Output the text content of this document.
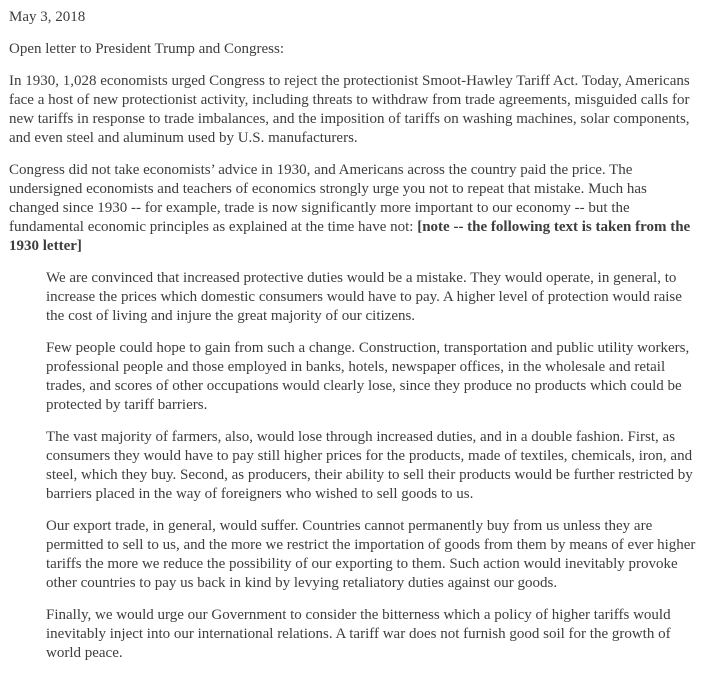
May 3, 2018

Open letter to President Trump and Congress:

In 1930, 1,028 economists urged Congress to reject the protectionist Smoot-Hawley Tariff Act. Today, Americans face a host of new protectionist activity, including threats to withdraw from trade agreements, misguided calls for new tariffs in response to trade imbalances, and the imposition of tariffs on washing machines, solar components, and even steel and aluminum used by U.S. manufacturers.

Congress did not take economists’ advice in 1930, and Americans across the country paid the price. The undersigned economists and teachers of economics strongly urge you not to repeat that mistake. Much has changed since 1930 -- for example, trade is now significantly more important to our economy -- but the fundamental economic principles as explained at the time have not: [note -- the following text is taken from the 1930 letter]

We are convinced that increased protective duties would be a mistake. They would operate, in general, to increase the prices which domestic consumers would have to pay. A higher level of protection would raise the cost of living and injure the great majority of our citizens.

Few people could hope to gain from such a change. Construction, transportation and public utility workers, professional people and those employed in banks, hotels, newspaper offices, in the wholesale and retail trades, and scores of other occupations would clearly lose, since they produce no products which could be protected by tariff barriers.

The vast majority of farmers, also, would lose through increased duties, and in a double fashion. First, as consumers they would have to pay still higher prices for the products, made of textiles, chemicals, iron, and steel, which they buy. Second, as producers, their ability to sell their products would be further restricted by barriers placed in the way of foreigners who wished to sell goods to us.

Our export trade, in general, would suffer. Countries cannot permanently buy from us unless they are permitted to sell to us, and the more we restrict the importation of goods from them by means of ever higher tariffs the more we reduce the possibility of our exporting to them. Such action would inevitably provoke other countries to pay us back in kind by levying retaliatory duties against our goods.

Finally, we would urge our Government to consider the bitterness which a policy of higher tariffs would inevitably inject into our international relations. A tariff war does not furnish good soil for the growth of world peace.
